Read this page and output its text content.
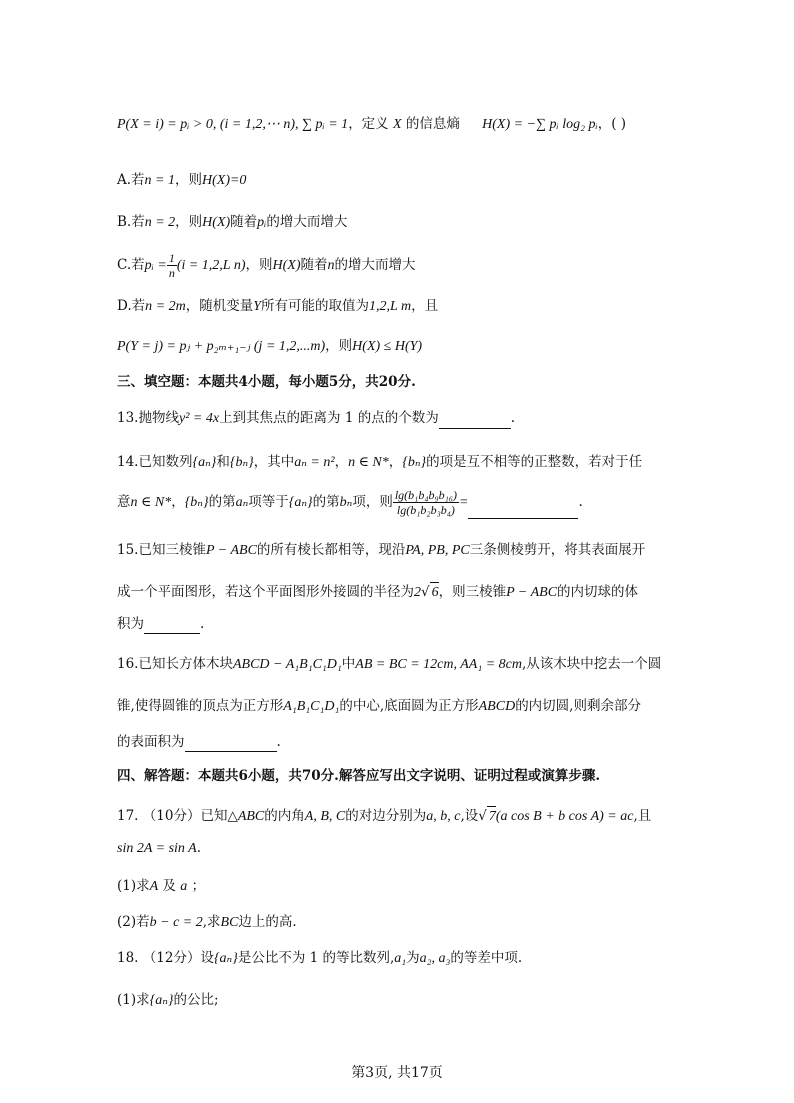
P(X = i) = pᵢ > 0, (i = 1,2,⋯ n), ∑ pᵢ = 1，定义 X 的信息熵 H(X) = −∑ pᵢ log₂ pᵢ，( )
A.若n = 1，则H(X)=0
B.若n = 2，则H(X)随着pᵢ的增大而增大
C.若pᵢ = $\frac{1}{n} (i = 1,2,L$ n)，则H(X)随着n的增大而增大
D.若n = 2m，随机变量Y所有可能的取值为1,2,L m，且
P(Y = j) = pⱼ + p₂ₘ₊₁₋ⱼ (j = 1,2,...m)，则H(X) ≤ H(Y)
三、填空题：本题共4小题，每小题5分，共20分.
13.抛物线y² = 4x上到其焦点的距离为 1 的点的个数为	.
14.已知数列{aₙ}和{bₙ}，其中aₙ = n²，n ∈ N*，{bₙ}的项是互不相等的正整数，若对于任
意n ∈ N*，{bₙ}的第aₙ项等于{aₙ}的第bₙ项，则 $\frac{\text{lg(b₁b₄b₉b₁₆)}}{\text{lg(b₁b₂b₃b₄)}}$ =	.
15.已知三棱锥P − ABC的所有棱长都相等，现沿PA, PB, PC三条侧棱剪开，将其表面展开
成一个平面图形，若这个平面图形外接圆的半径为2√ 6，则三棱锥P − ABC的内切球的体
积为	.
16.已知长方体木块ABCD − A₁B₁C₁D₁中AB = BC = 12cm, AA₁ = 8cm,从该木块中挖去一个圆
锥,使得圆锥的顶点为正方形A₁B₁C₁D₁的中心,底面圆为正方形ABCD的内切圆,则剩余部分
的表面积为	.
四、解答题：本题共6小题，共70分.解答应写出文字说明、证明过程或演算步骤.
17. （10分）已知△ABC的内角A, B, C的对边分别为a, b, c,设√ 7(a cos B + b cos A) = ac,且
sin 2A = sin A.
(1)求A 及 a ；
(2)若b − c = 2,求BC边上的高.
18. （12分）设{aₙ}是公比不为 1 的等比数列,a₁为a₂, a₃的等差中项.
(1)求{aₙ}的公比;
第3页, 共17页
